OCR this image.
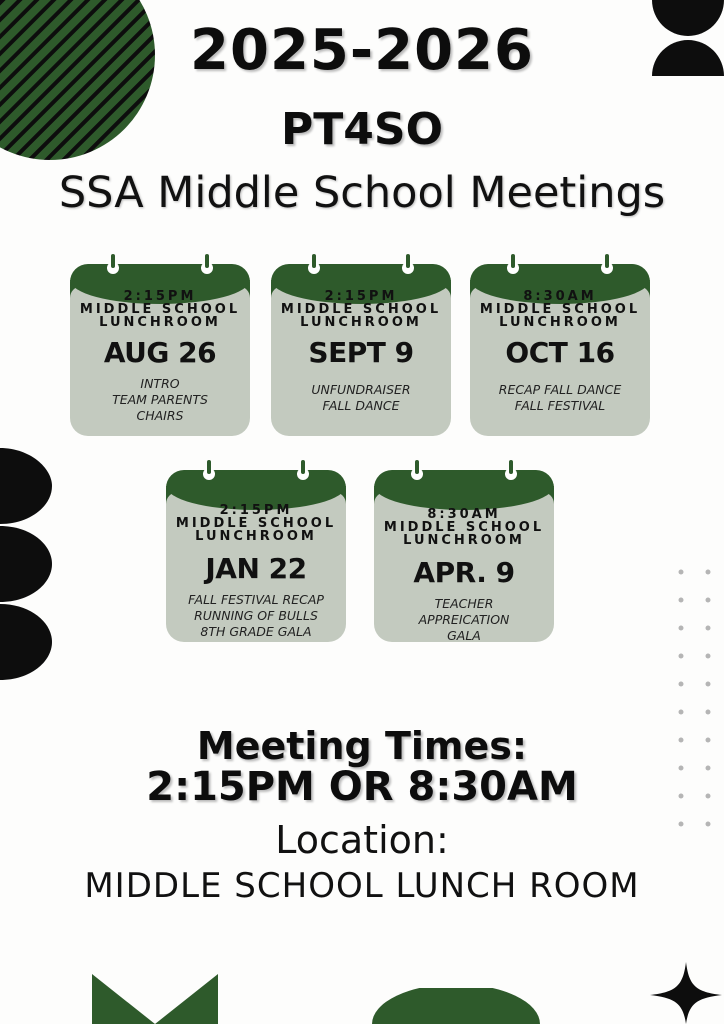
2025-2026
PT4SO
SSA Middle School Meetings
2:15PM
MIDDLE SCHOOL
LUNCHROOM
AUG 26
INTRO
TEAM PARENTS
CHAIRS
2:15PM
MIDDLE SCHOOL
LUNCHROOM
SEPT 9
UNFUNDRAISER
FALL DANCE
8:30AM
MIDDLE SCHOOL
LUNCHROOM
OCT 16
RECAP FALL DANCE
FALL FESTIVAL
2:15PM
MIDDLE SCHOOL
LUNCHROOM
JAN 22
FALL FESTIVAL RECAP
RUNNING OF BULLS
8TH GRADE GALA
8:30AM
MIDDLE SCHOOL
LUNCHROOM
APR. 9
TEACHER
APPREICATION
GALA
Meeting Times:
2:15PM OR 8:30AM
Location:
MIDDLE SCHOOL LUNCH ROOM
